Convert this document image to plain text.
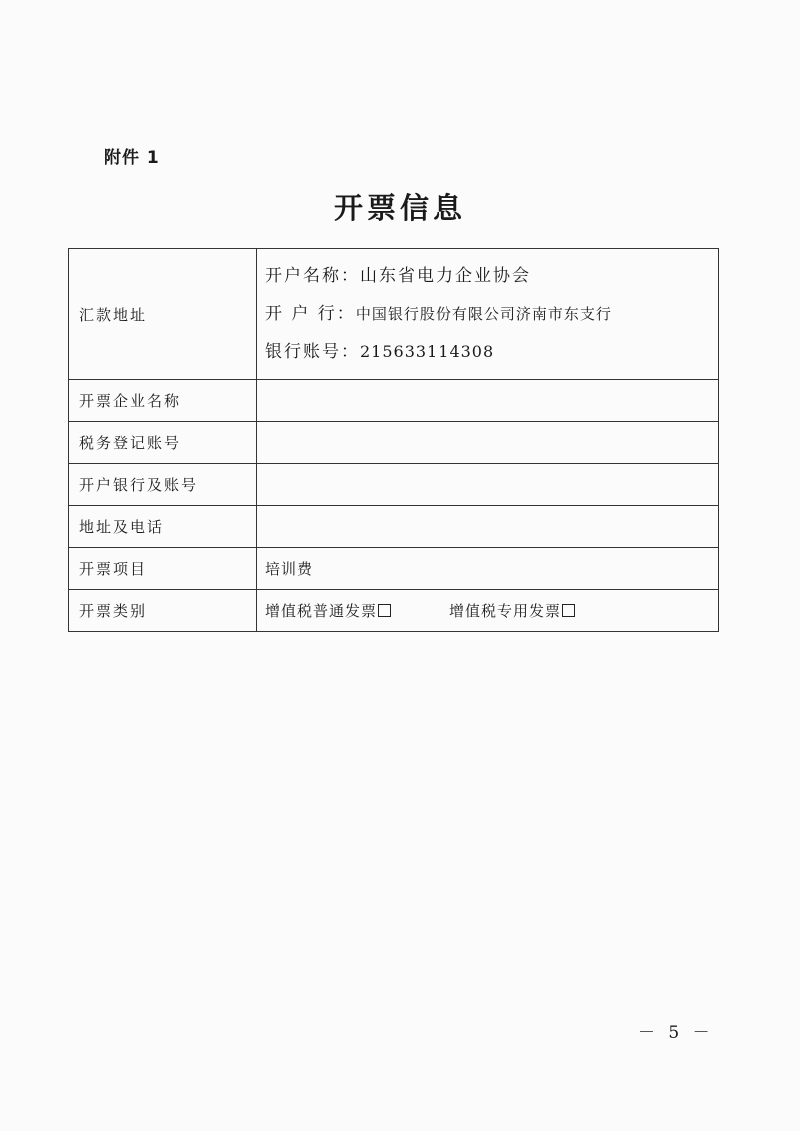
附件 1
开票信息
汇款地址	开户名称：山东省电力企业协会
开 户 行：中国银行股份有限公司济南市东支行
银行账号：215633114308

开票企业名称	
税务登记账号	
开户银行及账号	
地址及电话	
开票项目	培训费
开票类别	增值税普通发票 增值税专用发票
－ 5 －
